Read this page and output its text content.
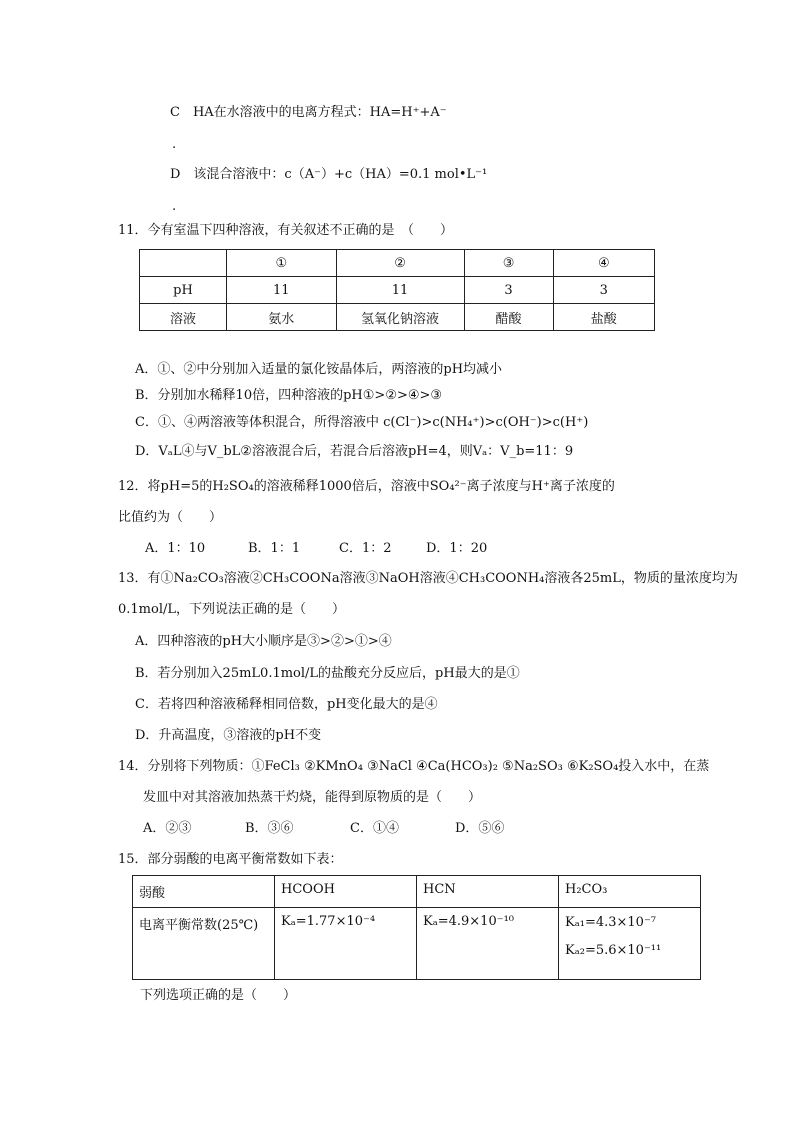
C　HA在水溶液中的电离方程式：HA=H⁺+A⁻
.
D　该混合溶液中：c（A⁻）+c（HA）=0.1 mol•L⁻¹
.
11．今有室温下四种溶液，有关叙述不正确的是　（　　）
	①	②	③	④
pH	11	11	3	3
溶液	氨水	氢氧化钠溶液	醋酸	盐酸
A．①、②中分别加入适量的氯化铵晶体后，两溶液的pH均减小
B．分别加水稀释10倍，四种溶液的pH①>②>④>③
C．①、④两溶液等体积混合，所得溶液中 c(Cl⁻)>c(NH₄⁺)>c(OH⁻)>c(H⁺)
D．VₐL④与V_bL②溶液混合后，若混合后溶液pH=4，则Vₐ：V_b=11：9
12．将pH=5的H₂SO₄的溶液稀释1000倍后，溶液中SO₄²⁻离子浓度与H⁺离子浓度的
比值约为（　　）
A．1：10	B．1：1	C．1：2	D．1：20
13．有①Na₂CO₃溶液②CH₃COONa溶液③NaOH溶液④CH₃COONH₄溶液各25mL，物质的量浓度均为
0.1mol/L，下列说法正确的是（　　）
A．四种溶液的pH大小顺序是③>②>①>④
B．若分别加入25mL0.1mol/L的盐酸充分反应后，pH最大的是①
C．若将四种溶液稀释相同倍数，pH变化最大的是④
D．升高温度，③溶液的pH不变
14．分别将下列物质：①FeCl₃ ②KMnO₄ ③NaCl ④Ca(HCO₃)₂ ⑤Na₂SO₃ ⑥K₂SO₄投入水中，在蒸
发皿中对其溶液加热蒸干灼烧，能得到原物质的是（　　）
A．②③	B．③⑥	C．①④	D．⑤⑥
15．部分弱酸的电离平衡常数如下表：
弱酸	HCOOH	HCN	H₂CO₃
电离平衡常数(25℃)	Kₐ=1.77×10⁻⁴	Kₐ=4.9×10⁻¹⁰	Kₐ₁=4.3×10⁻⁷
Kₐ₂=5.6×10⁻¹¹
下列选项正确的是（　　）
